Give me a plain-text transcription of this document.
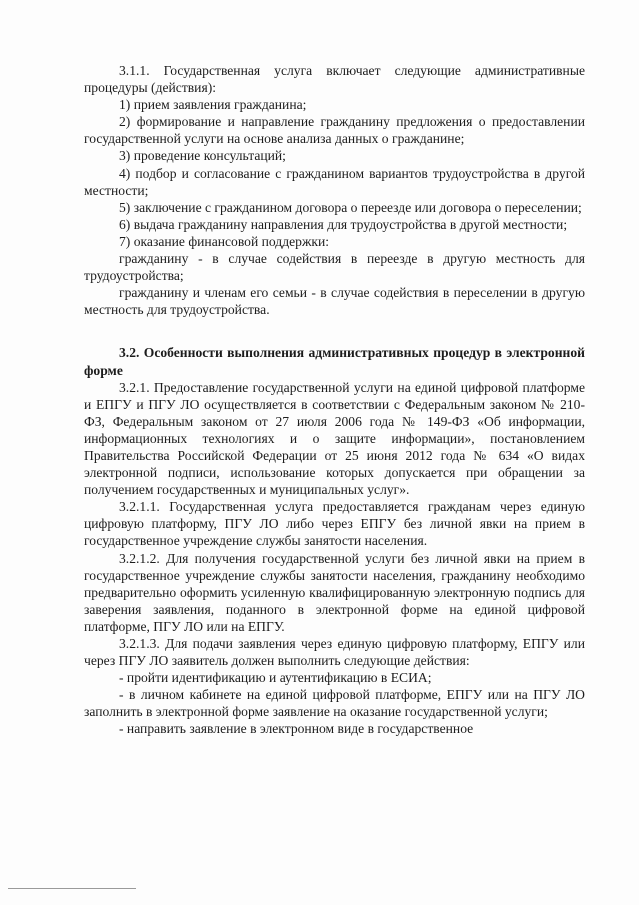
3.1.1. Государственная услуга включает следующие административные процедуры (действия):

1) прием заявления гражданина;

2) формирование и направление гражданину предложения о предоставлении государственной услуги на основе анализа данных о гражданине;

3) проведение консультаций;

4) подбор и согласование с гражданином вариантов трудоустройства в другой местности;

5) заключение с гражданином договора о переезде или договора о переселении;

6) выдача гражданину направления для трудоустройства в другой местности;

7) оказание финансовой поддержки:

гражданину - в случае содействия в переезде в другую местность для трудоустройства;

гражданину и членам его семьи - в случае содействия в переселении в другую местность для трудоустройства.

3.2. Особенности выполнения административных процедур в электронной форме

3.2.1. Предоставление государственной услуги на единой цифровой платформе и ЕПГУ и ПГУ ЛО осуществляется в соответствии с Федеральным законом № 210-ФЗ, Федеральным законом от 27 июля 2006 года № 149-ФЗ «Об информации, информационных технологиях и о защите информации», постановлением Правительства Российской Федерации от 25 июня 2012 года № 634 «О видах электронной подписи, использование которых допускается при обращении за получением государственных и муниципальных услуг».

3.2.1.1. Государственная услуга предоставляется гражданам через единую цифровую платформу, ПГУ ЛО либо через ЕПГУ без личной явки на прием в государственное учреждение службы занятости населения.

3.2.1.2. Для получения государственной услуги без личной явки на прием в государственное учреждение службы занятости населения, гражданину необходимо предварительно оформить усиленную квалифицированную электронную подпись для заверения заявления, поданного в электронной форме на единой цифровой платформе, ПГУ ЛО или на ЕПГУ.

3.2.1.3. Для подачи заявления через единую цифровую платформу, ЕПГУ или через ПГУ ЛО заявитель должен выполнить следующие действия:

- пройти идентификацию и аутентификацию в ЕСИА;

- в личном кабинете на единой цифровой платформе, ЕПГУ или на ПГУ ЛО заполнить в электронной форме заявление на оказание государственной услуги;

- направить заявление в электронном виде в государственное
